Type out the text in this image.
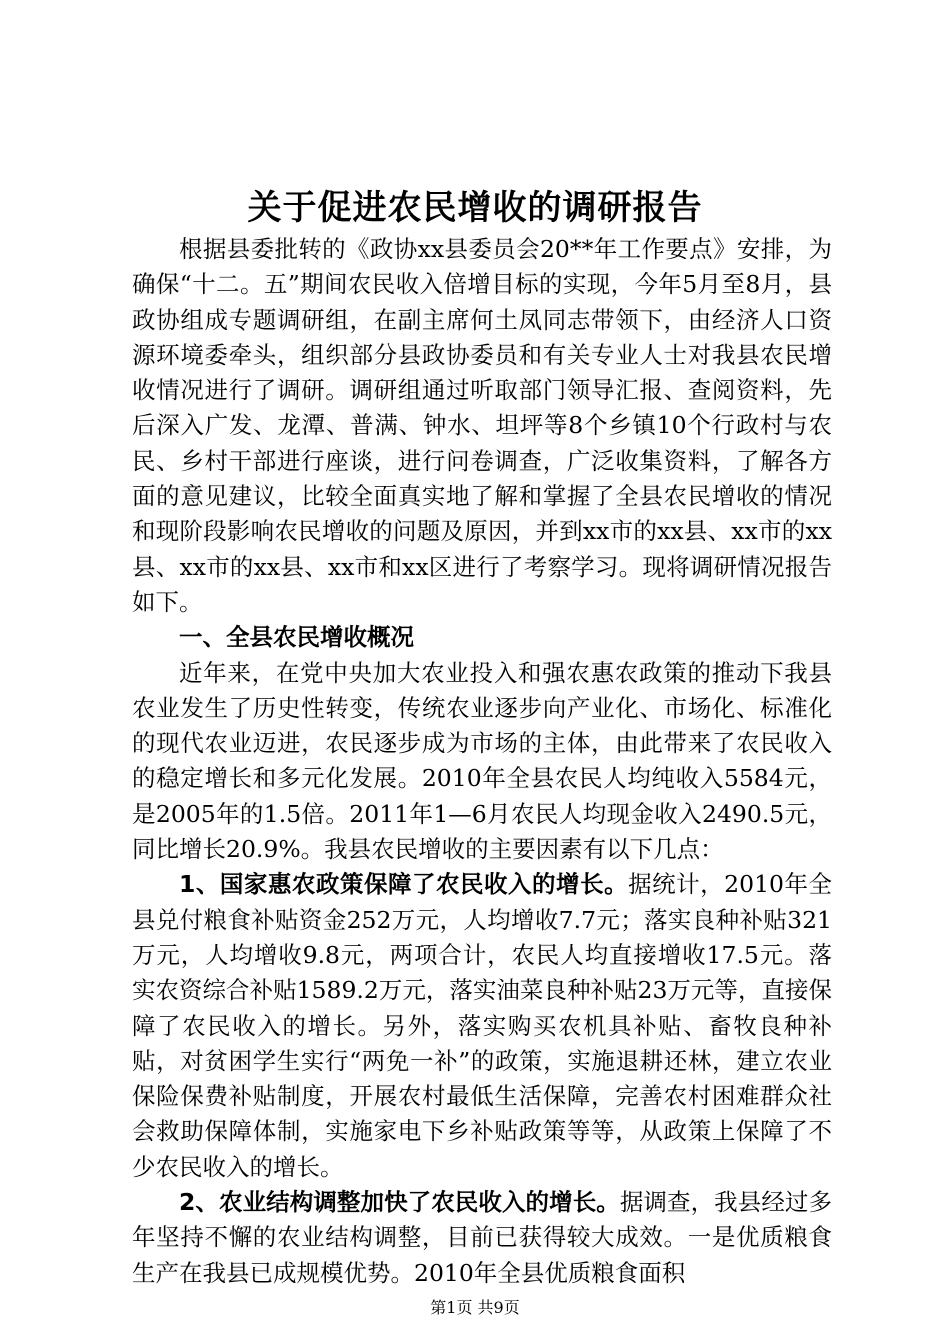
关于促进农民增收的调研报告

根据县委批转的《政协xx县委员会20**年工作要点》安排，为确保“十二。五”期间农民收入倍增目标的实现，今年5月至8月，县政协组成专题调研组，在副主席何土凤同志带领下，由经济人口资源环境委牵头，组织部分县政协委员和有关专业人士对我县农民增收情况进行了调研。调研组通过听取部门领导汇报、查阅资料，先后深入广发、龙潭、普满、钟水、坦坪等8个乡镇10个行政村与农民、乡村干部进行座谈，进行问卷调查，广泛收集资料，了解各方面的意见建议，比较全面真实地了解和掌握了全县农民增收的情况和现阶段影响农民增收的问题及原因，并到xx市的xx县、xx市的xx县、xx市的xx县、xx市和xx区进行了考察学习。现将调研情况报告如下。

一、全县农民增收概况

近年来，在党中央加大农业投入和强农惠农政策的推动下我县农业发生了历史性转变，传统农业逐步向产业化、市场化、标准化的现代农业迈进，农民逐步成为市场的主体，由此带来了农民收入的稳定增长和多元化发展。2010年全县农民人均纯收入5584元，是2005年的1.5倍。2011年1—6月农民人均现金收入2490.5元，同比增长20.9%。我县农民增收的主要因素有以下几点：

1、国家惠农政策保障了农民收入的增长。据统计，2010年全县兑付粮食补贴资金252万元，人均增收7.7元；落实良种补贴321万元，人均增收9.8元，两项合计，农民人均直接增收17.5元。落实农资综合补贴1589.2万元，落实油菜良种补贴23万元等，直接保障了农民收入的增长。另外，落实购买农机具补贴、畜牧良种补贴，对贫困学生实行“两免一补”的政策，实施退耕还林，建立农业保险保费补贴制度，开展农村最低生活保障，完善农村困难群众社会救助保障体制，实施家电下乡补贴政策等等，从政策上保障了不少农民收入的增长。

2、农业结构调整加快了农民收入的增长。据调查，我县经过多年坚持不懈的农业结构调整，目前已获得较大成效。一是优质粮食生产在我县已成规模优势。2010年全县优质粮食面积

第1页 共9页
